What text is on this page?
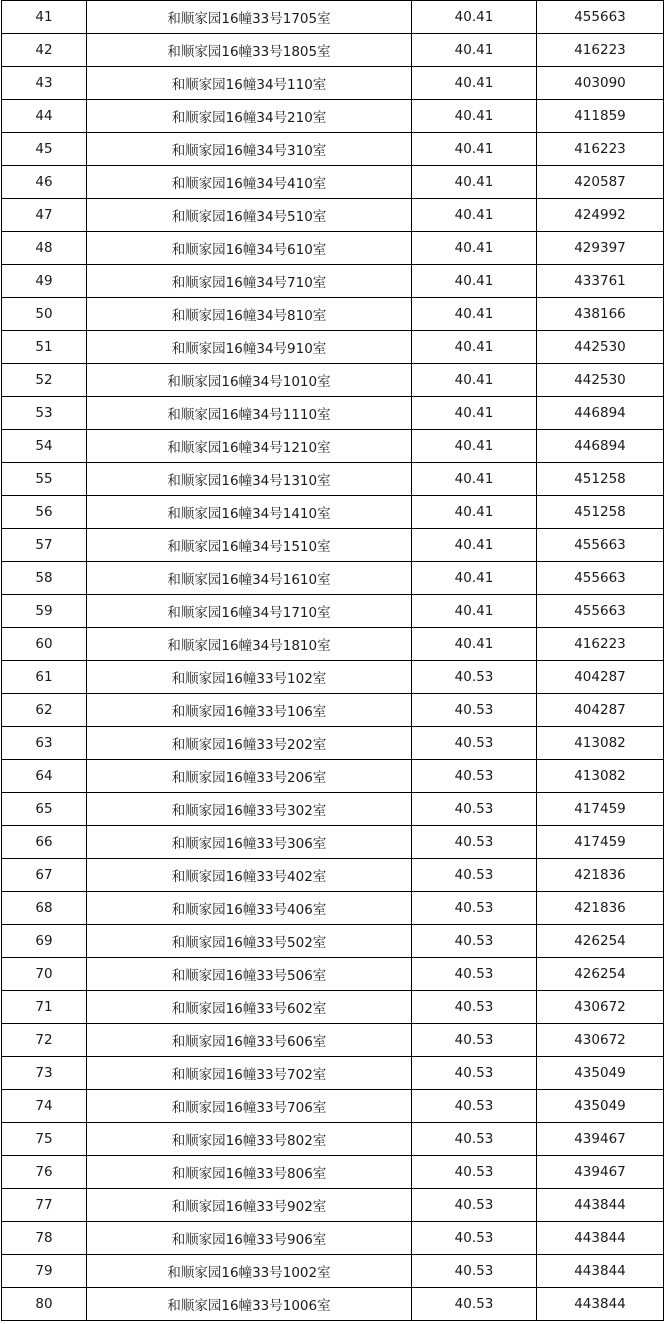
41	和顺家园16幢33号1705室	40.41	455663
42	和顺家园16幢33号1805室	40.41	416223
43	和顺家园16幢34号110室	40.41	403090
44	和顺家园16幢34号210室	40.41	411859
45	和顺家园16幢34号310室	40.41	416223
46	和顺家园16幢34号410室	40.41	420587
47	和顺家园16幢34号510室	40.41	424992
48	和顺家园16幢34号610室	40.41	429397
49	和顺家园16幢34号710室	40.41	433761
50	和顺家园16幢34号810室	40.41	438166
51	和顺家园16幢34号910室	40.41	442530
52	和顺家园16幢34号1010室	40.41	442530
53	和顺家园16幢34号1110室	40.41	446894
54	和顺家园16幢34号1210室	40.41	446894
55	和顺家园16幢34号1310室	40.41	451258
56	和顺家园16幢34号1410室	40.41	451258
57	和顺家园16幢34号1510室	40.41	455663
58	和顺家园16幢34号1610室	40.41	455663
59	和顺家园16幢34号1710室	40.41	455663
60	和顺家园16幢34号1810室	40.41	416223
61	和顺家园16幢33号102室	40.53	404287
62	和顺家园16幢33号106室	40.53	404287
63	和顺家园16幢33号202室	40.53	413082
64	和顺家园16幢33号206室	40.53	413082
65	和顺家园16幢33号302室	40.53	417459
66	和顺家园16幢33号306室	40.53	417459
67	和顺家园16幢33号402室	40.53	421836
68	和顺家园16幢33号406室	40.53	421836
69	和顺家园16幢33号502室	40.53	426254
70	和顺家园16幢33号506室	40.53	426254
71	和顺家园16幢33号602室	40.53	430672
72	和顺家园16幢33号606室	40.53	430672
73	和顺家园16幢33号702室	40.53	435049
74	和顺家园16幢33号706室	40.53	435049
75	和顺家园16幢33号802室	40.53	439467
76	和顺家园16幢33号806室	40.53	439467
77	和顺家园16幢33号902室	40.53	443844
78	和顺家园16幢33号906室	40.53	443844
79	和顺家园16幢33号1002室	40.53	443844
80	和顺家园16幢33号1006室	40.53	443844
